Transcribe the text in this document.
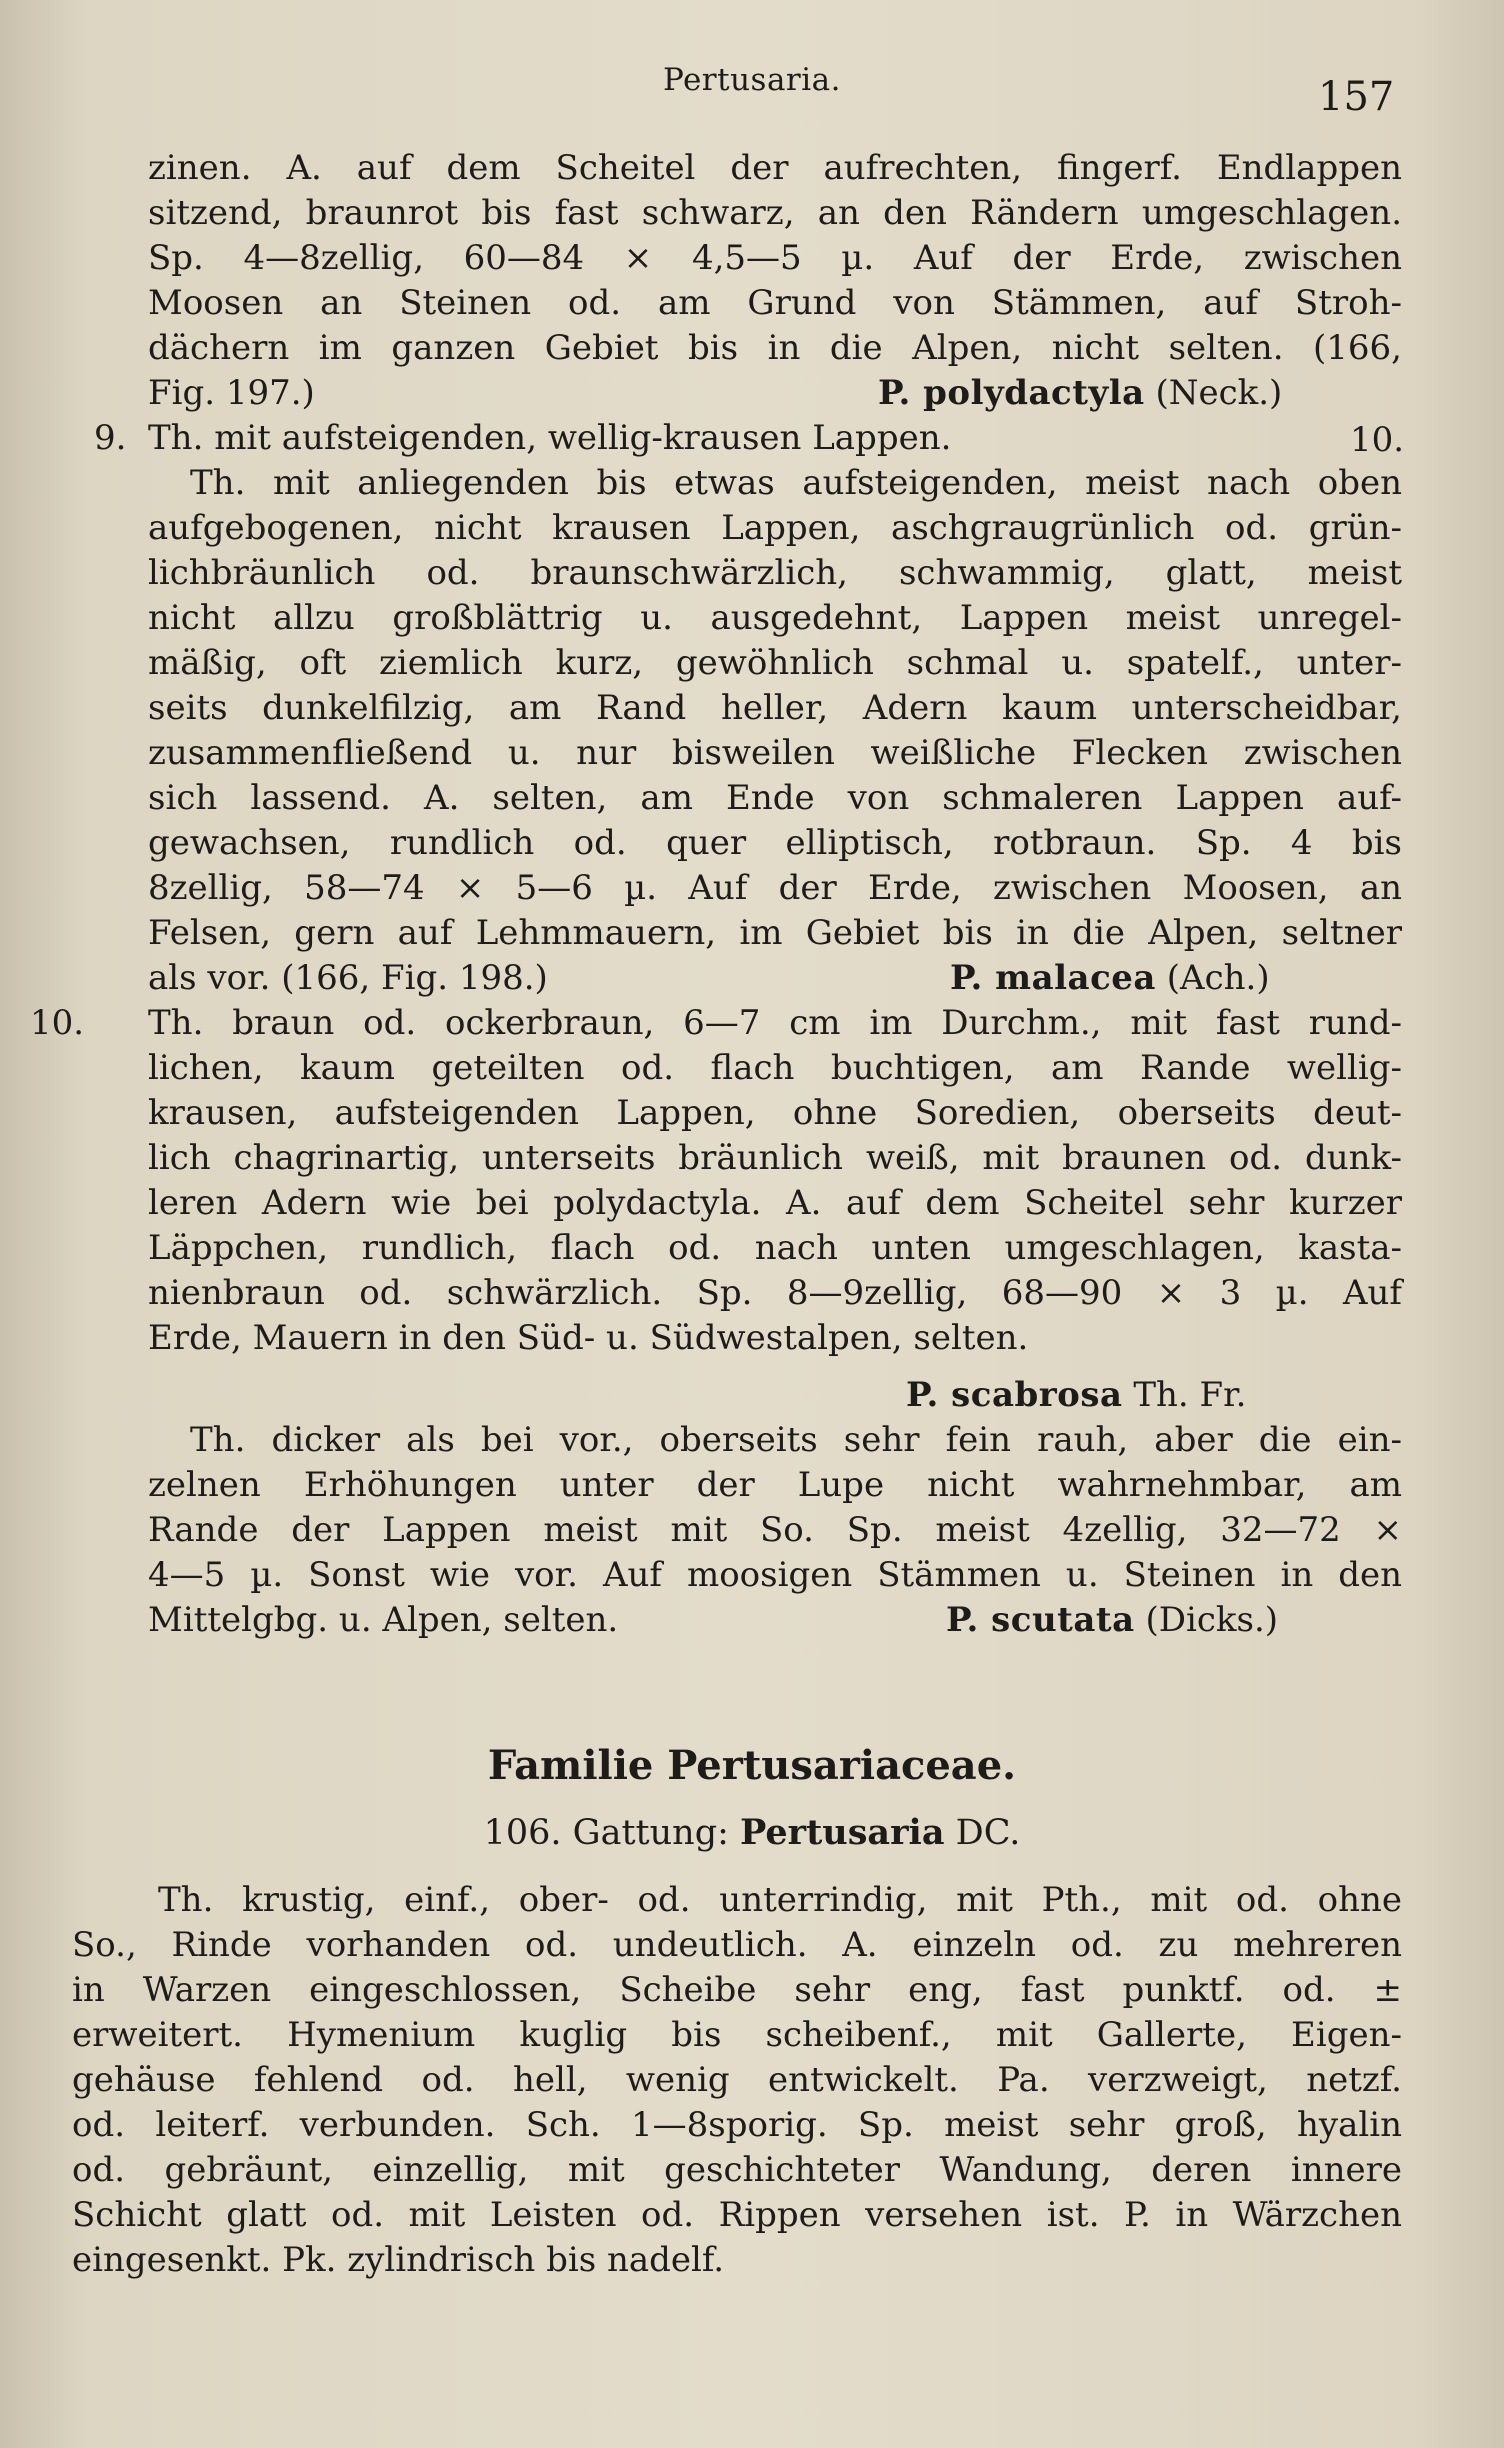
Pertusaria.	157
zinen. A. auf dem Scheitel der aufrechten, fingerf. Endlappen
sitzend, braunrot bis fast schwarz, an den Rändern umgeschlagen.
Sp. 4—8zellig, 60—84 × 4,5—5 µ. Auf der Erde, zwischen
Moosen an Steinen od. am Grund von Stämmen, auf Stroh-
dächern im ganzen Gebiet bis in die Alpen, nicht selten. (166,
Fig. 197.)	P. polydactyla (Neck.)
9. Th. mit aufsteigenden, wellig-krausen Lappen.	10.
Th. mit anliegenden bis etwas aufsteigenden, meist nach oben
aufgebogenen, nicht krausen Lappen, aschgraugrünlich od. grün-
lichbräunlich od. braunschwärzlich, schwammig, glatt, meist
nicht allzu großblättrig u. ausgedehnt, Lappen meist unregel-
mäßig, oft ziemlich kurz, gewöhnlich schmal u. spatelf., unter-
seits dunkelfilzig, am Rand heller, Adern kaum unterscheidbar,
zusammenfließend u. nur bisweilen weißliche Flecken zwischen
sich lassend. A. selten, am Ende von schmaleren Lappen auf-
gewachsen, rundlich od. quer elliptisch, rotbraun. Sp. 4 bis
8zellig, 58—74 × 5—6 µ. Auf der Erde, zwischen Moosen, an
Felsen, gern auf Lehmmauern, im Gebiet bis in die Alpen, seltner
als vor. (166, Fig. 198.)	P. malacea (Ach.)
10. Th. braun od. ockerbraun, 6—7 cm im Durchm., mit fast rund-
lichen, kaum geteilten od. flach buchtigen, am Rande wellig-
krausen, aufsteigenden Lappen, ohne Soredien, oberseits deut-
lich chagrinartig, unterseits bräunlich weiß, mit braunen od. dunk-
leren Adern wie bei polydactyla. A. auf dem Scheitel sehr kurzer
Läppchen, rundlich, flach od. nach unten umgeschlagen, kasta-
nienbraun od. schwärzlich. Sp. 8—9zellig, 68—90 × 3 µ. Auf
Erde, Mauern in den Süd- u. Südwestalpen, selten.
P. scabrosa Th. Fr.
Th. dicker als bei vor., oberseits sehr fein rauh, aber die ein-
zelnen Erhöhungen unter der Lupe nicht wahrnehmbar, am
Rande der Lappen meist mit So. Sp. meist 4zellig, 32—72 ×
4—5 µ. Sonst wie vor. Auf moosigen Stämmen u. Steinen in den
Mittelgbg. u. Alpen, selten.	P. scutata (Dicks.)
Familie Pertusariaceae.
106. Gattung: Pertusaria DC.
Th. krustig, einf., ober- od. unterrindig, mit Pth., mit od. ohne
So., Rinde vorhanden od. undeutlich. A. einzeln od. zu mehreren
in Warzen eingeschlossen, Scheibe sehr eng, fast punktf. od. ±
erweitert. Hymenium kuglig bis scheibenf., mit Gallerte, Eigen-
gehäuse fehlend od. hell, wenig entwickelt. Pa. verzweigt, netzf.
od. leiterf. verbunden. Sch. 1—8sporig. Sp. meist sehr groß, hyalin
od. gebräunt, einzellig, mit geschichteter Wandung, deren innere
Schicht glatt od. mit Leisten od. Rippen versehen ist. P. in Wärzchen
eingesenkt. Pk. zylindrisch bis nadelf.
